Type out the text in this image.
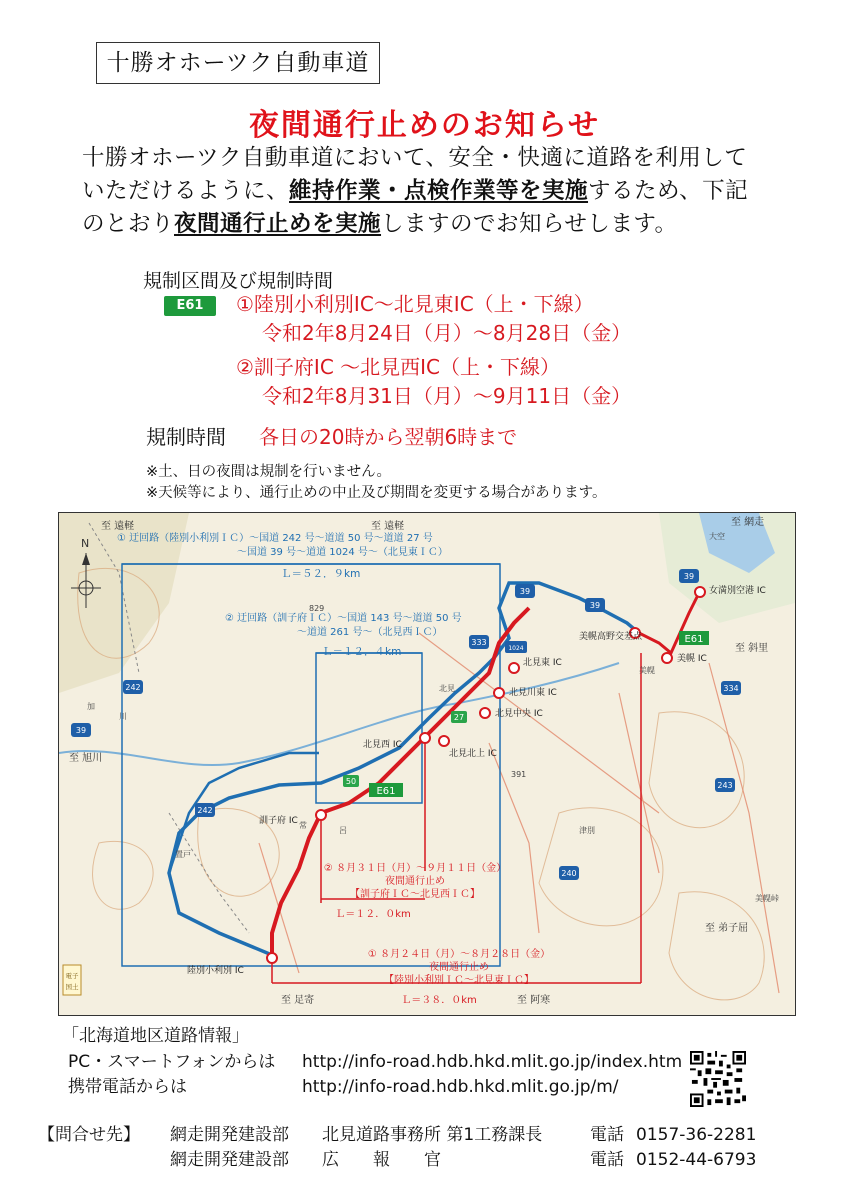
十勝オホーツク自動車道
夜間通行止めのお知らせ
十勝オホーツク自動車道において、安全・快適に道路を利用して
いただけるように、維持作業・点検作業等を実施するため、下記
のとおり夜間通行止めを実施しますのでお知らせします。
規制区間及び規制時間
E61	①陸別小利別IC～北見東IC（上・下線）
令和2年8月24日（月）～8月28日（金）
②訓子府IC ～北見西IC（上・下線）
令和2年8月31日（月）～9月11日（金）
規制時間 各日の20時から翌朝6時まで
※土、日の夜間は規制を行いません。
※天候等により、通行止めの中止及び期間を変更する場合があります。
N
39
39
39
39
242
242
333
1024
27
50
240
243
334
E61
E61
至 遠軽	至 遠軽	至 網走
至 旭川
至 斜里
至 弟子屈
至 足寄	至 阿寒
① 迂回路（陸別小利別ＩＣ）～国道 242 号～道道 50 号～道道 27 号
～国道 39 号～道道 1024 号～（北見東ＩＣ）
Ｌ＝５２．９km
② 迂回路（訓子府ＩＣ）～国道 143 号～道道 50 号
～道道 261 号～（北見西ＩＣ）
Ｌ＝１２．４km
② ８月３１日（月）～９月１１日（金）
夜間通行止め
【訓子府ＩＣ～北見西ＩＣ】
Ｌ＝１２．０km
① ８月２４日（月）～８月２８日（金）
夜間通行止め
【陸別小利別ＩＣ～北見東ＩＣ】
Ｌ＝３８．０km
北見東 IC
北見川東 IC
北見中央 IC
北見西 IC
北見北上 IC
訓子府 IC
陸別小利別 IC
美幌 IC
女満別空港 IC
美幌高野交差点
北見
美幌
津別
置戸
大空
美幌峠
加
川
常
呂
829
391
電子
国土
「北海道地区道路情報」
PC・スマートフォンからは http://info-road.hdb.hkd.mlit.go.jp/index.htm
携帯電話からは	http://info-road.hdb.hkd.mlit.go.jp/m/
【問合せ先】 網走開発建設部 北見道路事務所 第1工務課長	電話 0157-36-2281
網走開発建設部 広　　報　　官	電話 0152-44-6793
